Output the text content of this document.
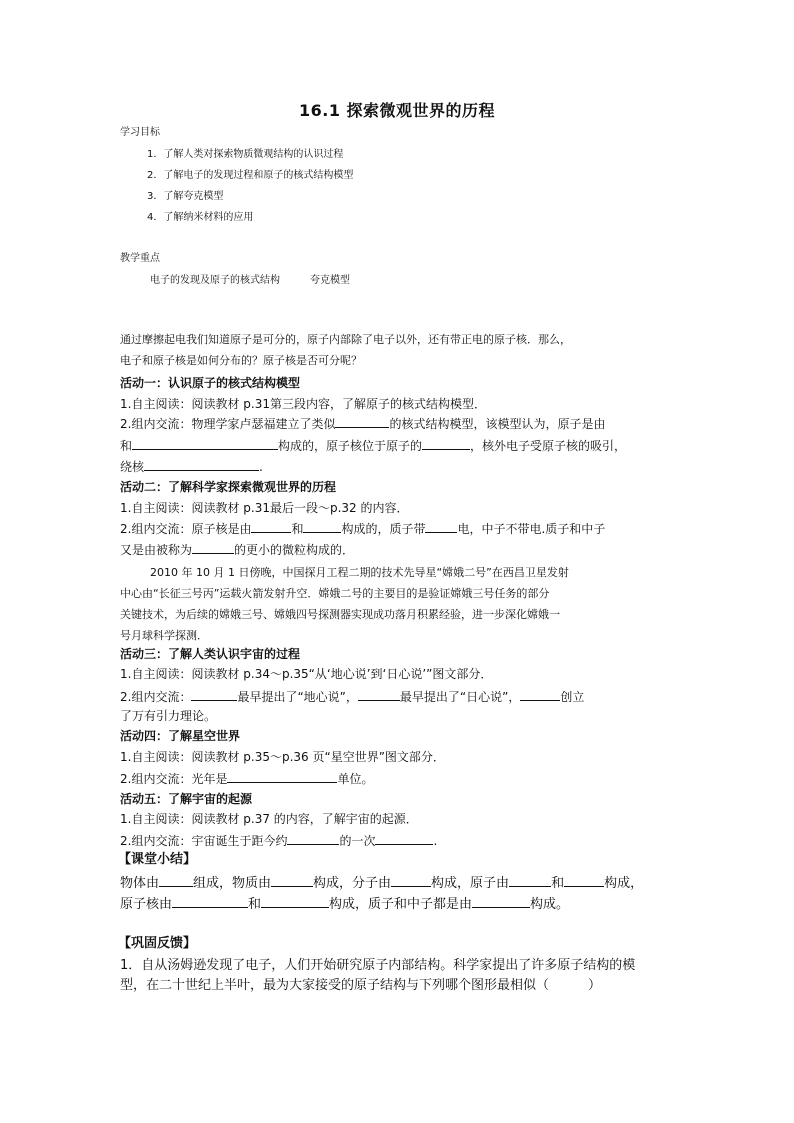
16.1 探索微观世界的历程
学习目标
1．了解人类对探索物质微观结构的认识过程
2．了解电子的发现过程和原子的核式结构模型
3．了解夸克模型
4．了解纳米材料的应用
教学重点
电子的发现及原子的核式结构　　　夸克模型
通过摩擦起电我们知道原子是可分的，原子内部除了电子以外，还有带正电的原子核．那么，
电子和原子核是如何分布的？原子核是否可分呢？
活动一：认识原子的核式结构模型
1.自主阅读：阅读教材 p.31第三段内容，了解原子的核式结构模型．
2.组内交流：物理学家卢瑟福建立了类似	的核式结构模型，该模型认为，原子是由
和	构成的，原子核位于原子的	，核外电子受原子核的吸引，
绕核	.
活动二：了解科学家探索微观世界的历程
1.自主阅读：阅读教材 p.31最后一段～p.32 的内容．
2.组内交流：原子核是由	和	构成的，质子带	电，中子不带电.质子和中子
又是由被称为	的更小的微粒构成的．
2010 年 10 月 1 日傍晚，中国探月工程二期的技术先导星“嫦娥二号”在西昌卫星发射
中心由“长征三号丙”运载火箭发射升空．嫦娥二号的主要目的是验证嫦娥三号任务的部分
关键技术，为后续的嫦娥三号、嫦娥四号探测器实现成功落月积累经验，进一步深化嫦娥一
号月球科学探测．
活动三：了解人类认识宇宙的过程
1.自主阅读：阅读教材 p.34～p.35“从‘地心说’到‘日心说’”图文部分．
2.组内交流：	最早提出了“地心说”，	最早提出了“日心说”，	创立
了万有引力理论。
活动四：了解星空世界
1.自主阅读：阅读教材 p.35～p.36 页“星空世界”图文部分．
2.组内交流：光年是	单位。
活动五：了解宇宙的起源
1.自主阅读：阅读教材 p.37 的内容，了解宇宙的起源．
2.组内交流：宇宙诞生于距今约	的一次	.
【课堂小结】
物体由	组成，物质由	构成，分子由	构成，原子由	和	构成，
原子核由	和	构成，质子和中子都是由	构成。
【巩固反馈】
1．自从汤姆逊发现了电子，人们开始研究原子内部结构。科学家提出了许多原子结构的模
型，在二十世纪上半叶，最为大家接受的原子结构与下列哪个图形最相似（　　　）
